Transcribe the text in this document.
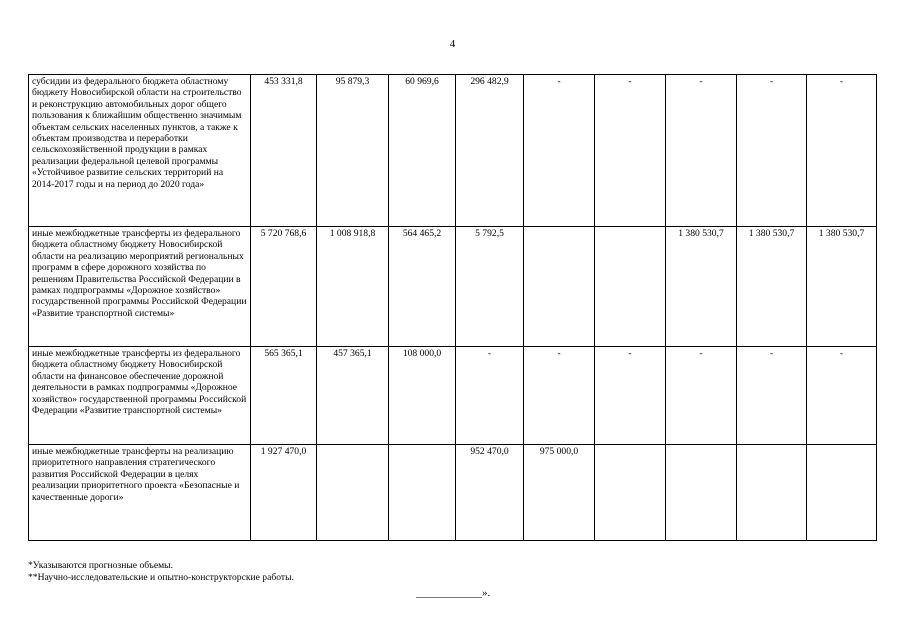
4
субсидии из федерального бюджета областному бюджету Новосибирской области на строительство и реконструкцию автомобильных дорог общего пользования к ближайшим общественно значимым объектам сельских населенных пунктов, а также к объектам производства и переработки сельскохозяйственной продукции в рамках реализации федеральной целевой программы «Устойчивое развитие сельских территорий на 2014-2017 годы и на период до 2020 года»	453 331,8	95 879,3	60 969,6	296 482,9	-	-	-	-	-
иные межбюджетные трансферты из федерального бюджета областному бюджету Новосибирской области на реализацию мероприятий региональных программ в сфере дорожного хозяйства по решениям Правительства Российской Федерации в рамках подпрограммы «Дорожное хозяйство» государственной программы Российской Федерации «Развитие транспортной системы»	5 720 768,6	1 008 918,8	564 465,2	5 792,5			1 380 530,7	1 380 530,7	1 380 530,7
иные межбюджетные трансферты из федерального бюджета областному бюджету Новосибирской области на финансовое обеспечение дорожной деятельности в рамках подпрограммы «Дорожное хозяйство» государственной программы Российской Федерации «Развитие транспортной системы»	565 365,1	457 365,1	108 000,0	-	-	-	-	-	-
иные межбюджетные трансферты на реализацию приоритетного направления стратегического развития Российской Федерации в целях реализации приоритетного проекта «Безопасные и качественные дороги»	1 927 470,0			952 470,0	975 000,0				
*Указываются прогнозные объемы.
**Научно-исследовательские и опытно-конструкторские работы.
____________».
